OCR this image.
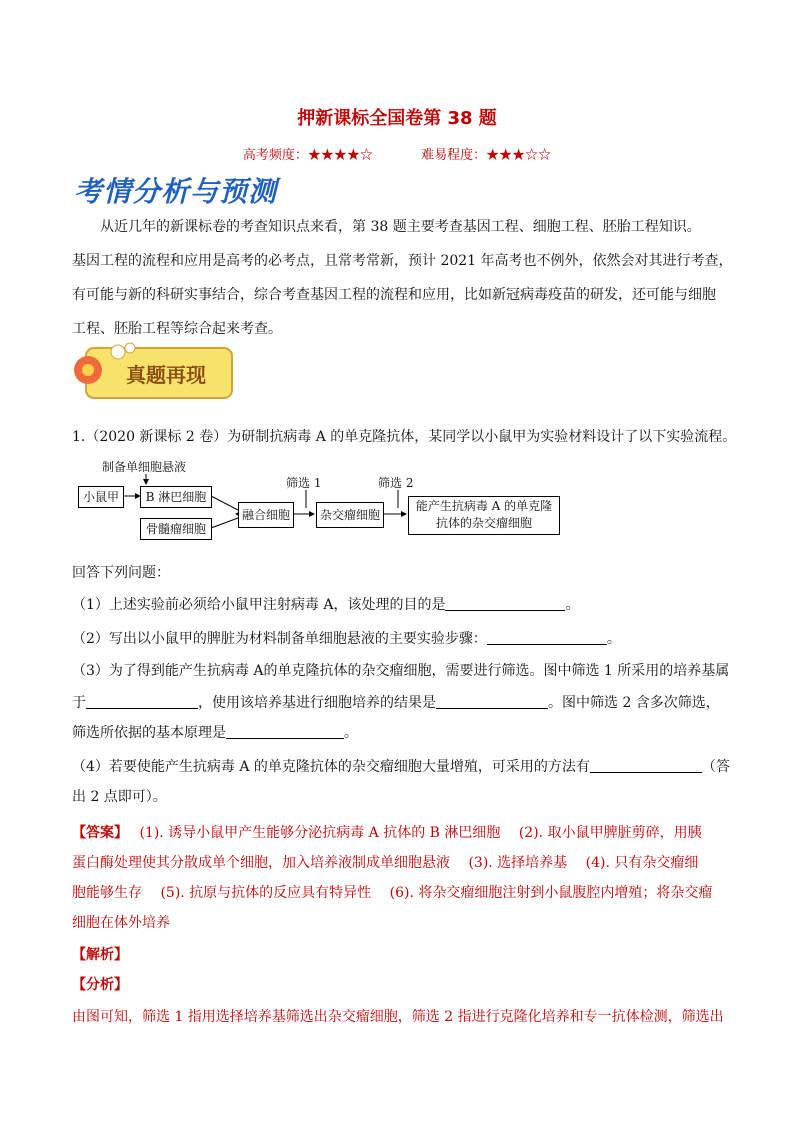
押新课标全国卷第 38 题
高考频度：★★★★☆	难易程度：★★★☆☆
考情分析与预测
从近几年的新课标卷的考查知识点来看，第 38 题主要考查基因工程、细胞工程、胚胎工程知识。
基因工程的流程和应用是高考的必考点，且常考常新，预计 2021 年高考也不例外，依然会对其进行考查，
有可能与新的科研实事结合，综合考查基因工程的流程和应用，比如新冠病毒疫苗的研发，还可能与细胞
工程、胚胎工程等综合起来考查。
真题再现
1.（2020 新课标 2 卷）为研制抗病毒 A 的单克隆抗体，某同学以小鼠甲为实验材料设计了以下实验流程。
制备单细胞悬液
小鼠甲	B 淋巴细胞
骨髓瘤细胞
融合细胞
筛选 1
杂交瘤细胞
筛选 2
能产生抗病毒 A 的单克隆
抗体的杂交瘤细胞
回答下列问题：
（1）上述实验前必须给小鼠甲注射病毒 A，该处理的目的是	。
（2）写出以小鼠甲的脾脏为材料制备单细胞悬液的主要实验步骤：	。
（3）为了得到能产生抗病毒 A的单克隆抗体的杂交瘤细胞，需要进行筛选。图中筛选 1 所采用的培养基属
于	，使用该培养基进行细胞培养的结果是	。图中筛选 2 含多次筛选，
筛选所依据的基本原理是	。
（4）若要使能产生抗病毒 A 的单克隆抗体的杂交瘤细胞大量增殖，可采用的方法有	（答
出 2 点即可）。
【答案】　 (1). 诱导小鼠甲产生能够分泌抗病毒 A 抗体的 B 淋巴细胞　 (2). 取小鼠甲脾脏剪碎，用胰
蛋白酶处理使其分散成单个细胞，加入培养液制成单细胞悬液　 (3). 选择培养基　 (4). 只有杂交瘤细
胞能够生存　 (5). 抗原与抗体的反应具有特异性　 (6). 将杂交瘤细胞注射到小鼠腹腔内增殖；将杂交瘤
细胞在体外培养
【解析】
【分析】
由图可知，筛选 1 指用选择培养基筛选出杂交瘤细胞，筛选 2 指进行克隆化培养和专一抗体检测，筛选出
